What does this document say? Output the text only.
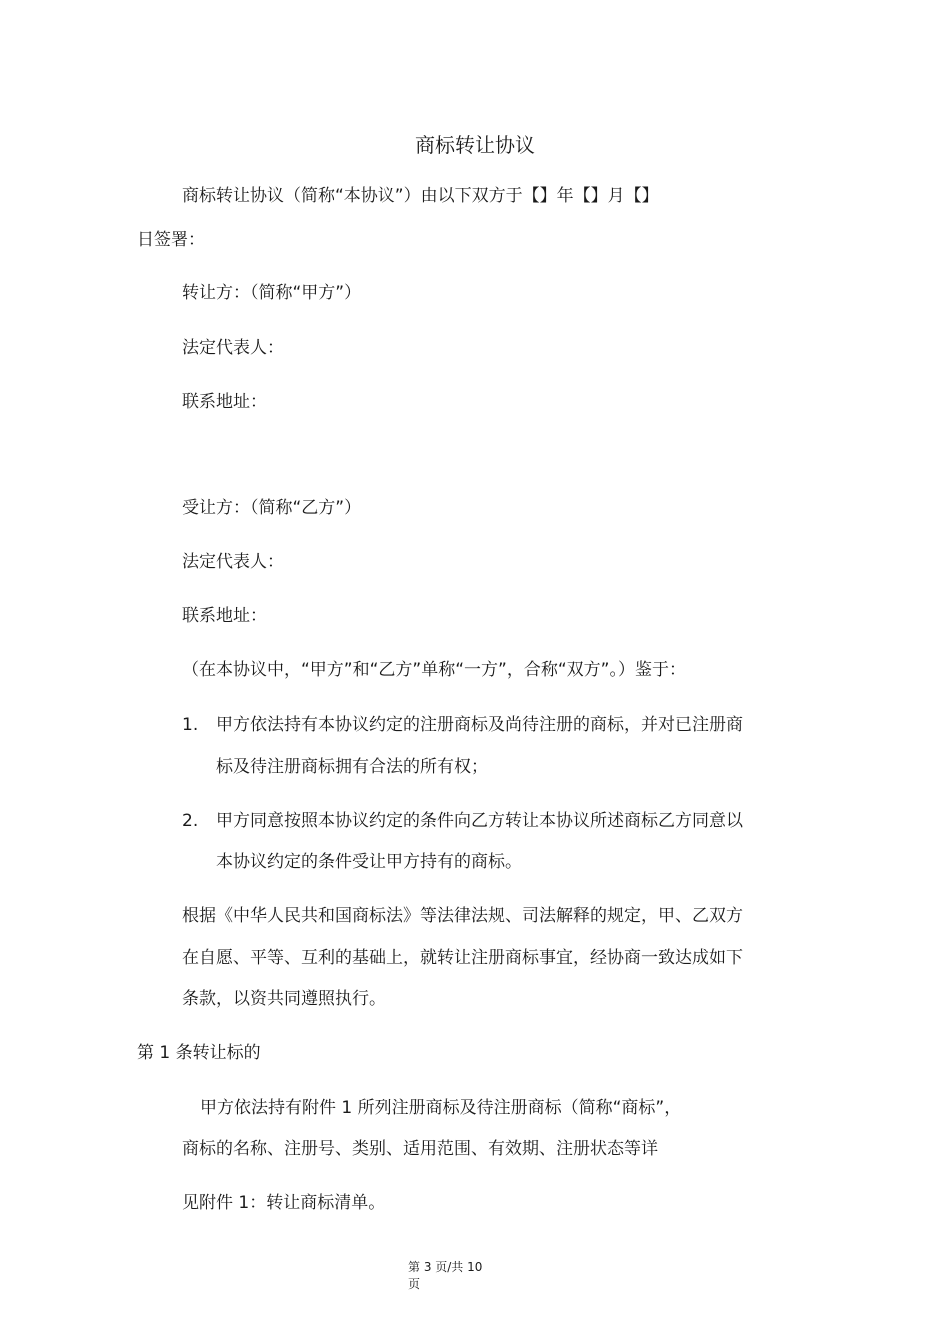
商标转让协议

商标转让协议（简称“本协议”）由以下双方于【】年【】月【】

日签署：

转让方：（简称“甲方”）

法定代表人：

联系地址：

受让方：（简称“乙方”）

法定代表人：

联系地址：

（在本协议中，“甲方”和“乙方”单称“一方”，合称“双方”。）鉴于：

1. 甲方依法持有本协议约定的注册商标及尚待注册的商标，并对已注册商

标及待注册商标拥有合法的所有权；

2. 甲方同意按照本协议约定的条件向乙方转让本协议所述商标乙方同意以

本协议约定的条件受让甲方持有的商标。

根据《中华人民共和国商标法》等法律法规、司法解释的规定，甲、乙双方

在自愿、平等、互利的基础上，就转让注册商标事宜，经协商一致达成如下

条款，以资共同遵照执行。

第 1 条转让标的

甲方依法持有附件 1 所列注册商标及待注册商标（简称“商标”，

商标的名称、注册号、类别、适用范围、有效期、注册状态等详

见附件 1：转让商标清单。

第 3 页/共 10
页
